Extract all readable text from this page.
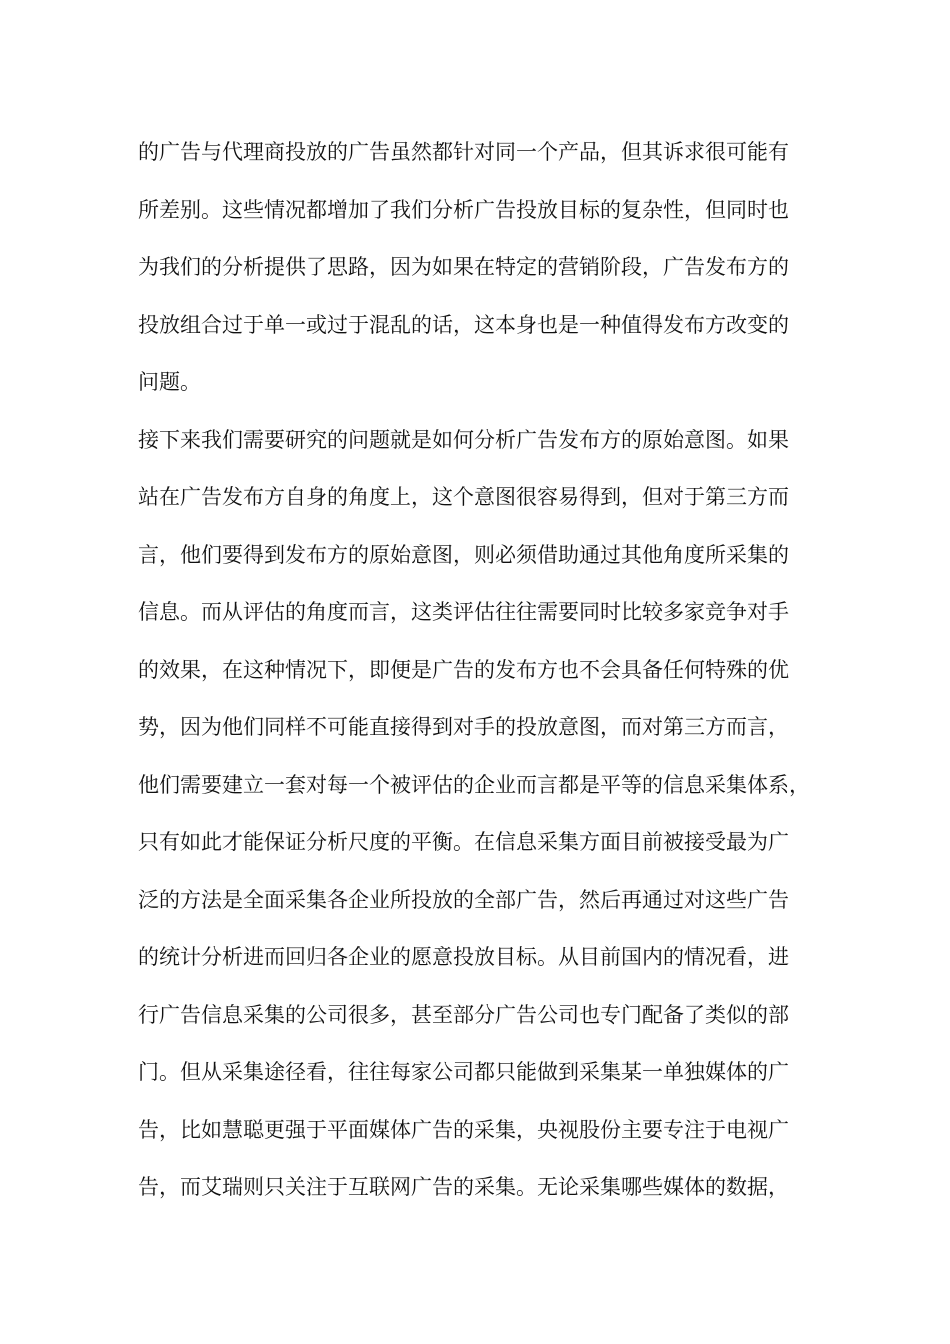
的广告与代理商投放的广告虽然都针对同一个产品，但其诉求很可能有
所差别。这些情况都增加了我们分析广告投放目标的复杂性，但同时也
为我们的分析提供了思路，因为如果在特定的营销阶段，广告发布方的
投放组合过于单一或过于混乱的话，这本身也是一种值得发布方改变的
问题。
接下来我们需要研究的问题就是如何分析广告发布方的原始意图。如果
站在广告发布方自身的角度上，这个意图很容易得到，但对于第三方而
言，他们要得到发布方的原始意图，则必须借助通过其他角度所采集的
信息。而从评估的角度而言，这类评估往往需要同时比较多家竞争对手
的效果，在这种情况下，即便是广告的发布方也不会具备任何特殊的优
势，因为他们同样不可能直接得到对手的投放意图，而对第三方而言，
他们需要建立一套对每一个被评估的企业而言都是平等的信息采集体系，
只有如此才能保证分析尺度的平衡。在信息采集方面目前被接受最为广
泛的方法是全面采集各企业所投放的全部广告，然后再通过对这些广告
的统计分析进而回归各企业的愿意投放目标。从目前国内的情况看，进
行广告信息采集的公司很多，甚至部分广告公司也专门配备了类似的部
门。但从采集途径看，往往每家公司都只能做到采集某一单独媒体的广
告，比如慧聪更强于平面媒体广告的采集，央视股份主要专注于电视广
告，而艾瑞则只关注于互联网广告的采集。无论采集哪些媒体的数据，
